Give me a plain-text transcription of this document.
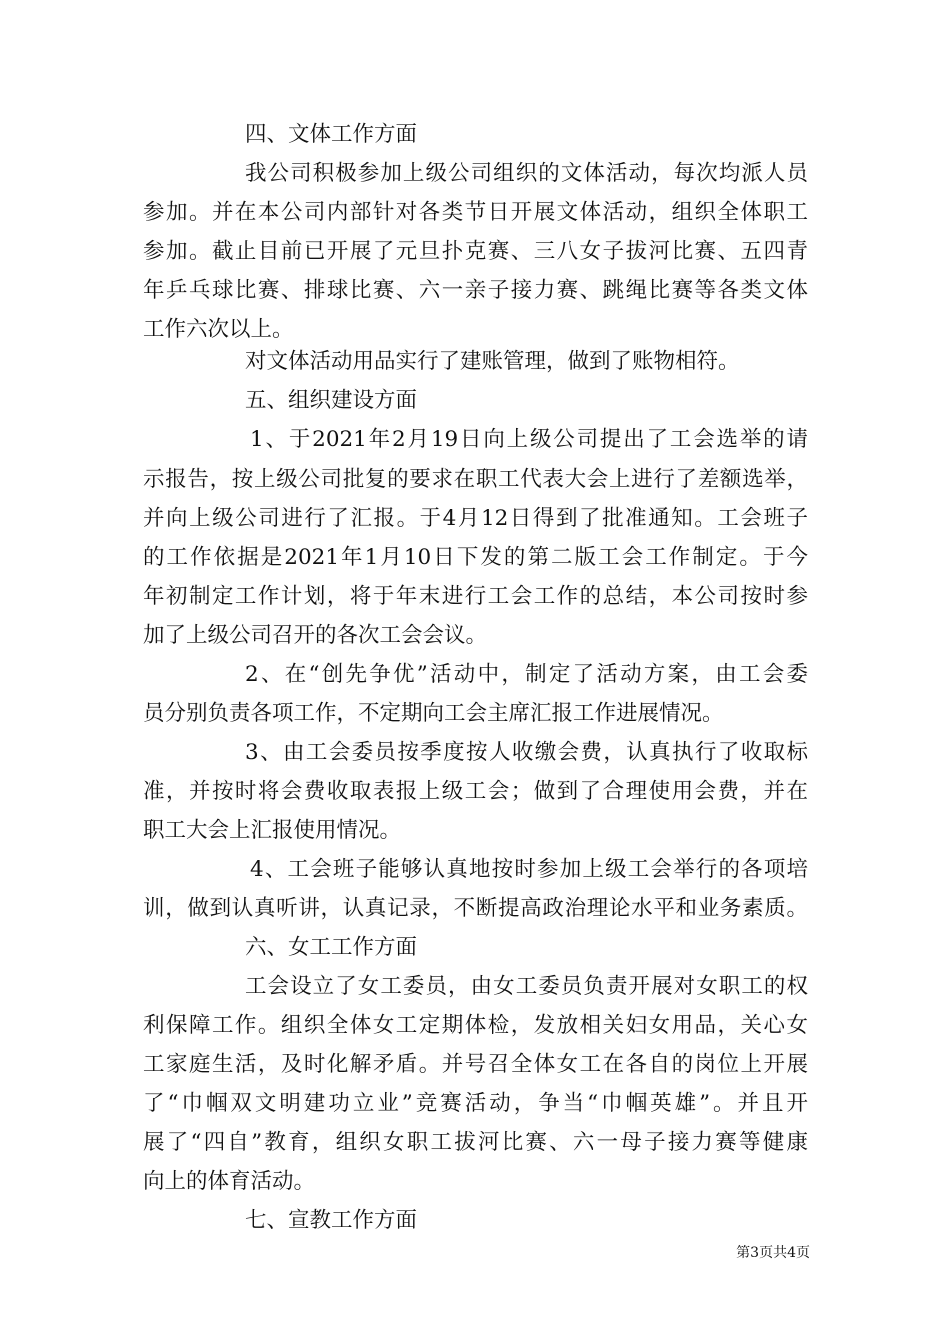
四、文体工作方面
我公司积极参加上级公司组织的文体活动，每次均派人员
参加。并在本公司内部针对各类节日开展文体活动，组织全体职工
参加。截止目前已开展了元旦扑克赛、三八女子拔河比赛、五四青
年乒乓球比赛、排球比赛、六一亲子接力赛、跳绳比赛等各类文体
工作六次以上。
对文体活动用品实行了建账管理，做到了账物相符。
五、组织建设方面
1、于2021年2月19日向上级公司提出了工会选举的请
示报告，按上级公司批复的要求在职工代表大会上进行了差额选举，
并向上级公司进行了汇报。于4月12日得到了批准通知。工会班子
的工作依据是2021年1月10日下发的第二版工会工作制定。于今
年初制定工作计划，将于年末进行工会工作的总结，本公司按时参
加了上级公司召开的各次工会会议。
2、在“创先争优”活动中，制定了活动方案，由工会委
员分别负责各项工作，不定期向工会主席汇报工作进展情况。
3、由工会委员按季度按人收缴会费，认真执行了收取标
准，并按时将会费收取表报上级工会；做到了合理使用会费，并在
职工大会上汇报使用情况。
4、工会班子能够认真地按时参加上级工会举行的各项培
训，做到认真听讲，认真记录，不断提高政治理论水平和业务素质。
六、女工工作方面
工会设立了女工委员，由女工委员负责开展对女职工的权
利保障工作。组织全体女工定期体检，发放相关妇女用品，关心女
工家庭生活，及时化解矛盾。并号召全体女工在各自的岗位上开展
了“巾帼双文明建功立业”竞赛活动，争当“巾帼英雄”。并且开
展了“四自”教育，组织女职工拔河比赛、六一母子接力赛等健康
向上的体育活动。
七、宣教工作方面
第3页共4页
